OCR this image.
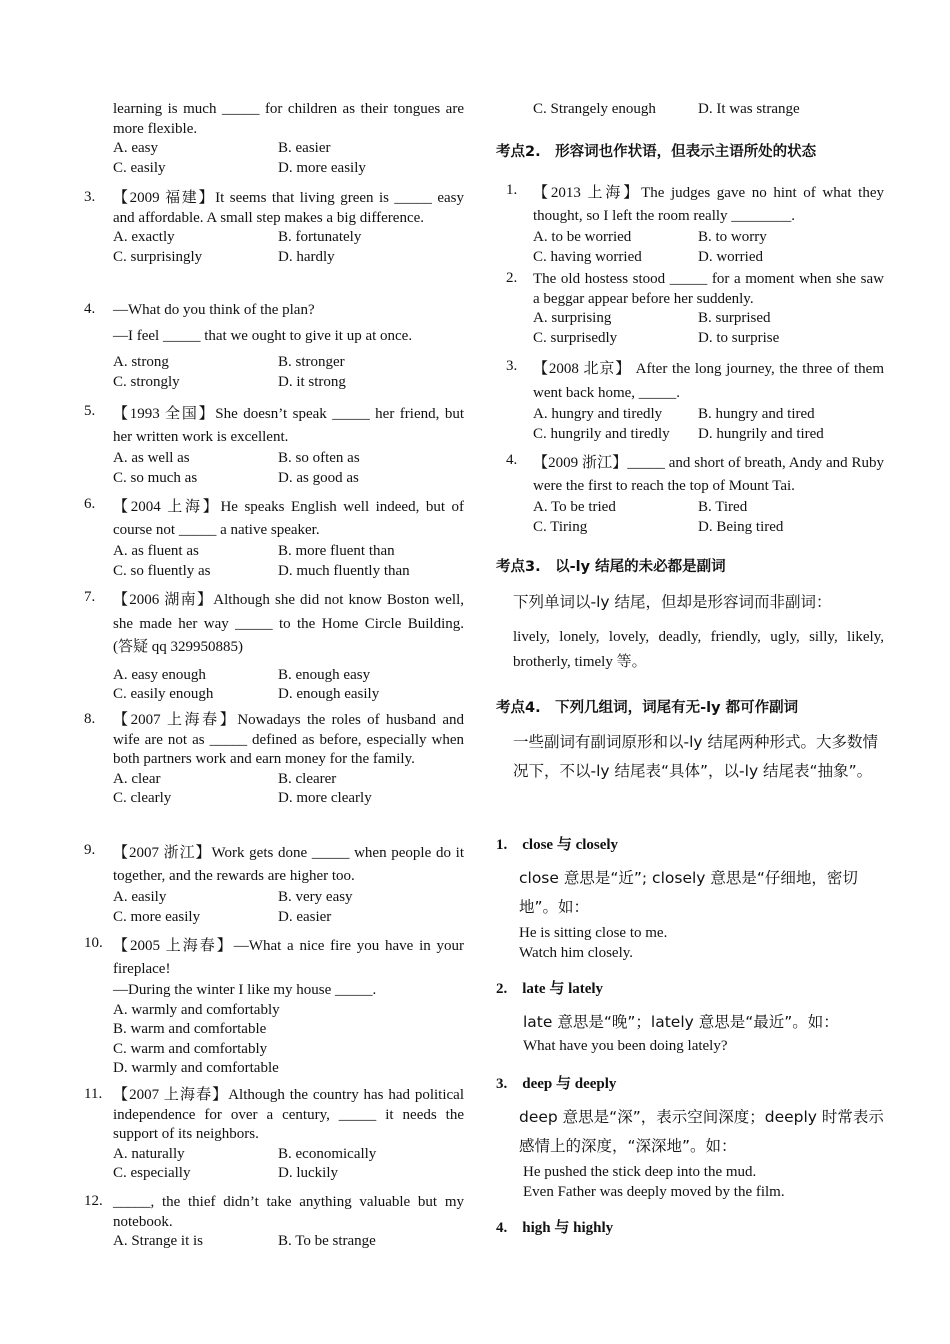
learning is much _____ for children as their tongues are more flexible.
A. easy	B. easier
C. easily	D. more easily
3. 【2009 福建】It seems that living green is _____ easy and affordable. A small step makes a big difference.
A. exactly	B. fortunately
C. surprisingly	D. hardly
4. —What do you think of the plan?
—I feel _____ that we ought to give it up at once.
A. strong	B. stronger
C. strongly	D. it strong
5. 【1993 全国】She doesn’t speak _____ her friend, but her written work is excellent.
A. as well as	B. so often as
C. so much as	D. as good as
6. 【2004 上海】He speaks English well indeed, but of course not _____ a native speaker.
A. as fluent as	B. more fluent than
C. so fluently as	D. much fluently than
7. 【2006 湖南】Although she did not know Boston well, she made her way _____ to the Home Circle Building. (答疑 qq 329950885)
A. easy enough	B. enough easy
C. easily enough	D. enough easily
8. 【2007 上海春】Nowadays the roles of husband and wife are not as _____ defined as before, especially when both partners work and earn money for the family.
A. clear	B. clearer
C. clearly	D. more clearly
9. 【2007 浙江】Work gets done _____ when people do it together, and the rewards are higher too.
A. easily	B. very easy
C. more easily	D. easier
10. 【2005 上海春】—What a nice fire you have in your fireplace!
—During the winter I like my house _____.
A. warmly and comfortably
B. warm and comfortable
C. warm and comfortably
D. warmly and comfortable
11. 【2007 上海春】Although the country has had political independence for over a century, _____ it needs the support of its neighbors.
A. naturally	B. economically
C. especially	D. luckily
12. _____, the thief didn’t take anything valuable but my notebook.
A. Strange it is	B. To be strange
C. Strangely enough	D. It was strange
考点2.　形容词也作状语，但表示主语所处的状态
1. 【2013 上海】The judges gave no hint of what they thought, so I left the room really ________.
A. to be worried	B. to worry
C. having worried	D. worried
2. The old hostess stood _____ for a moment when she saw a beggar appear before her suddenly.
A. surprising	B. surprised
C. surprisedly	D. to surprise
3. 【2008 北京】 After the long journey, the three of them went back home, _____.
A. hungry and tiredly	B. hungry and tired
C. hungrily and tiredly	D. hungrily and tired
4. 【2009 浙江】_____ and short of breath, Andy and Ruby were the first to reach the top of Mount Tai.
A. To be tried	B. Tired
C. Tiring	D. Being tired
考点3.　以-ly 结尾的未必都是副词
下列单词以-ly 结尾，但却是形容词而非副词：
lively, lonely, lovely, deadly, friendly, ugly, silly, likely, brotherly, timely 等。
考点4.　下列几组词，词尾有无-ly 都可作副词
一些副词有副词原形和以-ly 结尾两种形式。大多数情况下，不以-ly 结尾表“具体”，以-ly 结尾表“抽象”。
1.　close 与 closely
close 意思是“近”; closely 意思是“仔细地，密切地”。如：
He is sitting close to me.
Watch him closely.
2.　late 与 lately
late 意思是“晚”；lately 意思是“最近”。如：
What have you been doing lately?
3.　deep 与 deeply
deep 意思是“深”，表示空间深度；deeply 时常表示感情上的深度，“深深地”。如：
He pushed the stick deep into the mud.
Even Father was deeply moved by the film.
4.　high 与 highly
